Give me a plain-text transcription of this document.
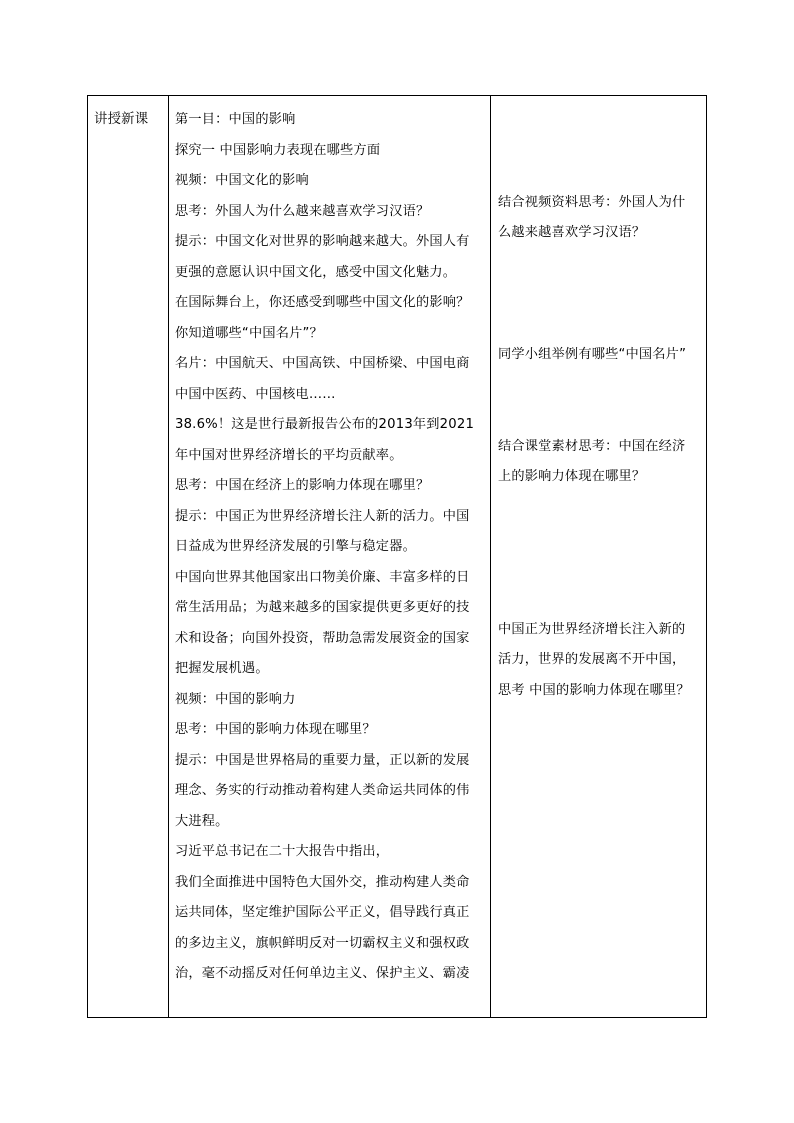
讲授新课	第一目：中国的影响
探究一 中国影响力表现在哪些方面
视频：中国文化的影响
思考：外国人为什么越来越喜欢学习汉语？
提示：中国文化对世界的影响越来越大。外国人有
更强的意愿认识中国文化，感受中国文化魅力。
在国际舞台上，你还感受到哪些中国文化的影响？
你知道哪些“中国名片”？
名片：中国航天、中国高铁、中国桥梁、中国电商
中国中医药、中国核电……
38.6%！这是世行最新报告公布的2013年到2021
年中国对世界经济增长的平均贡献率。
思考：中国在经济上的影响力体现在哪里？
提示：中国正为世界经济增长注人新的活力。中国
日益成为世界经济发展的引擎与稳定器。
中国向世界其他国家出口物美价廉、丰富多样的日
常生活用品；为越来越多的国家提供更多更好的技
术和设备；向国外投资，帮助急需发展资金的国家
把握发展机遇。
视频：中国的影响力
思考：中国的影响力体现在哪里？
提示：中国是世界格局的重要力量，正以新的发展
理念、务实的行动推动着构建人类命运共同体的伟
大进程。
习近平总书记在二十大报告中指出，
我们全面推进中国特色大国外交，推动构建人类命
运共同体，坚定维护国际公平正义，倡导践行真正
的多边主义，旗帜鲜明反对一切霸权主义和强权政
治，毫不动摇反对任何单边主义、保护主义、霸凌
结合视频资料思考：外国人为什
么越来越喜欢学习汉语？
同学小组举例有哪些“中国名片”
结合课堂素材思考：中国在经济
上的影响力体现在哪里？
中国正为世界经济增长注入新的
活力，世界的发展离不开中国，
思考 中国的影响力体现在哪里？
